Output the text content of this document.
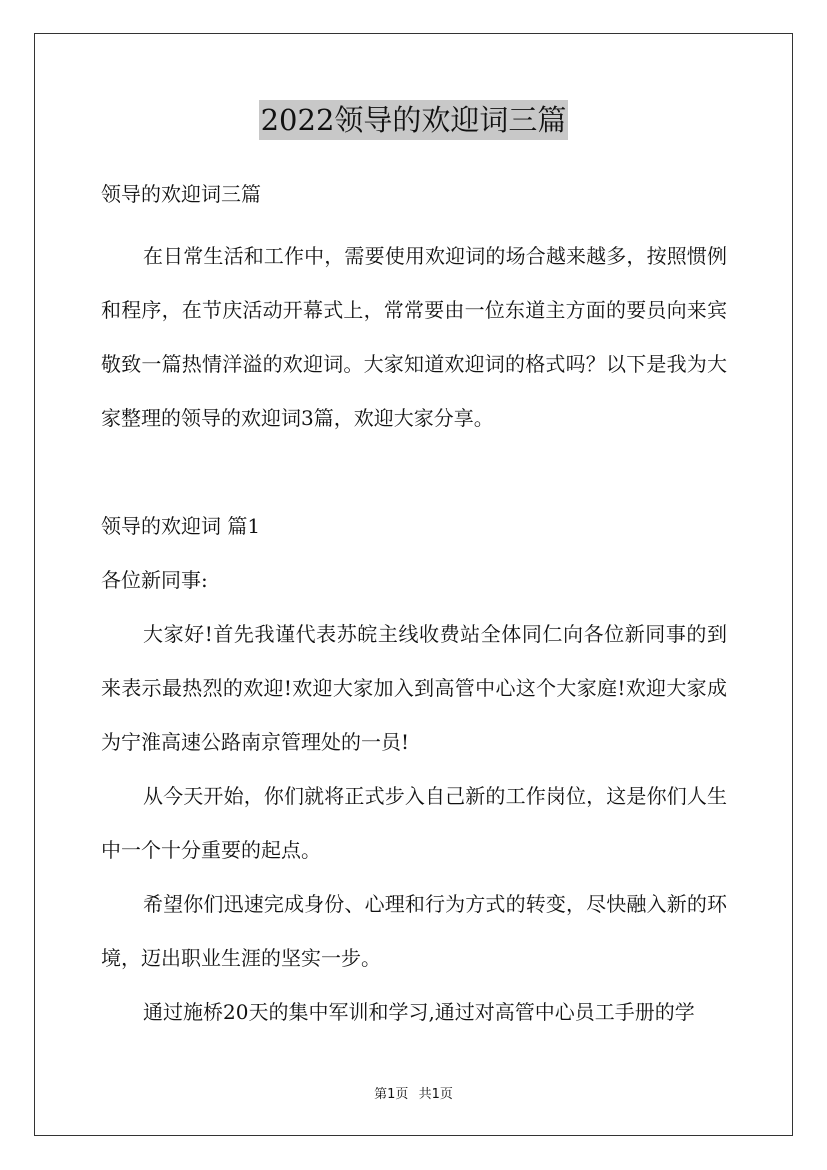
2022领导的欢迎词三篇

领导的欢迎词三篇

在日常生活和工作中，需要使用欢迎词的场合越来越多，按照惯例和程序，在节庆活动开幕式上，常常要由一位东道主方面的要员向来宾敬致一篇热情洋溢的欢迎词。大家知道欢迎词的格式吗？以下是我为大家整理的领导的欢迎词3篇，欢迎大家分享。

领导的欢迎词 篇1

各位新同事:

大家好!首先我谨代表苏皖主线收费站全体同仁向各位新同事的到来表示最热烈的欢迎!欢迎大家加入到高管中心这个大家庭!欢迎大家成为宁淮高速公路南京管理处的一员!

从今天开始，你们就将正式步入自己新的工作岗位，这是你们人生中一个十分重要的起点。

希望你们迅速完成身份、心理和行为方式的转变，尽快融入新的环境，迈出职业生涯的坚实一步。

通过施桥20天的集中军训和学习,通过对高管中心员工手册的学

第1页 共1页
